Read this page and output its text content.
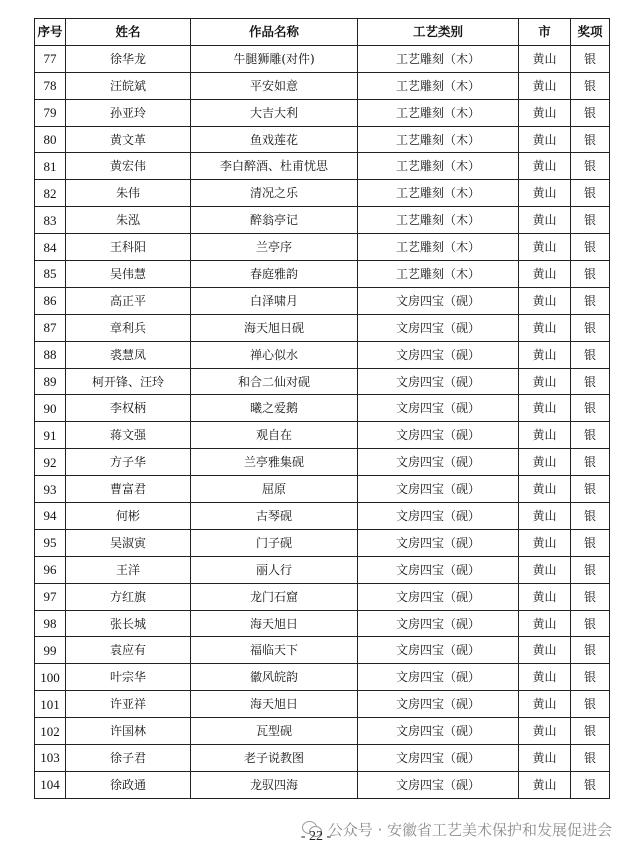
序号	姓名	作品名称	工艺类别	市	奖项
77	徐华龙	牛腿狮雕(对件)	工艺雕刻（木）	黄山	银
78	汪皖斌	平安如意	工艺雕刻（木）	黄山	银
79	孙亚玲	大吉大利	工艺雕刻（木）	黄山	银
80	黄文革	鱼戏莲花	工艺雕刻（木）	黄山	银
81	黄宏伟	李白醉酒、杜甫忧思	工艺雕刻（木）	黄山	银
82	朱伟	清况之乐	工艺雕刻（木）	黄山	银
83	朱泓	醉翁亭记	工艺雕刻（木）	黄山	银
84	王科阳	兰亭序	工艺雕刻（木）	黄山	银
85	吴伟慧	春庭雅韵	工艺雕刻（木）	黄山	银
86	高正平	白泽啸月	文房四宝（砚）	黄山	银
87	章利兵	海天旭日砚	文房四宝（砚）	黄山	银
88	裘慧凤	禅心似水	文房四宝（砚）	黄山	银
89	柯开锋、汪玲	和合二仙对砚	文房四宝（砚）	黄山	银
90	李权柄	曦之爱鹅	文房四宝（砚）	黄山	银
91	蒋文强	观自在	文房四宝（砚）	黄山	银
92	方子华	兰亭雅集砚	文房四宝（砚）	黄山	银
93	曹富君	屈原	文房四宝（砚）	黄山	银
94	何彬	古琴砚	文房四宝（砚）	黄山	银
95	吴淑寅	门子砚	文房四宝（砚）	黄山	银
96	王洋	丽人行	文房四宝（砚）	黄山	银
97	方红旗	龙门石窟	文房四宝（砚）	黄山	银
98	张长城	海天旭日	文房四宝（砚）	黄山	银
99	袁应有	福临天下	文房四宝（砚）	黄山	银
100	叶宗华	徽风皖韵	文房四宝（砚）	黄山	银
101	许亚祥	海天旭日	文房四宝（砚）	黄山	银
102	许国林	瓦型砚	文房四宝（砚）	黄山	银
103	徐子君	老子说教图	文房四宝（砚）	黄山	银
104	徐政通	龙驭四海	文房四宝（砚）	黄山	银
公众号 · 安徽省工艺美术保护和发展促进会
- 22 -
